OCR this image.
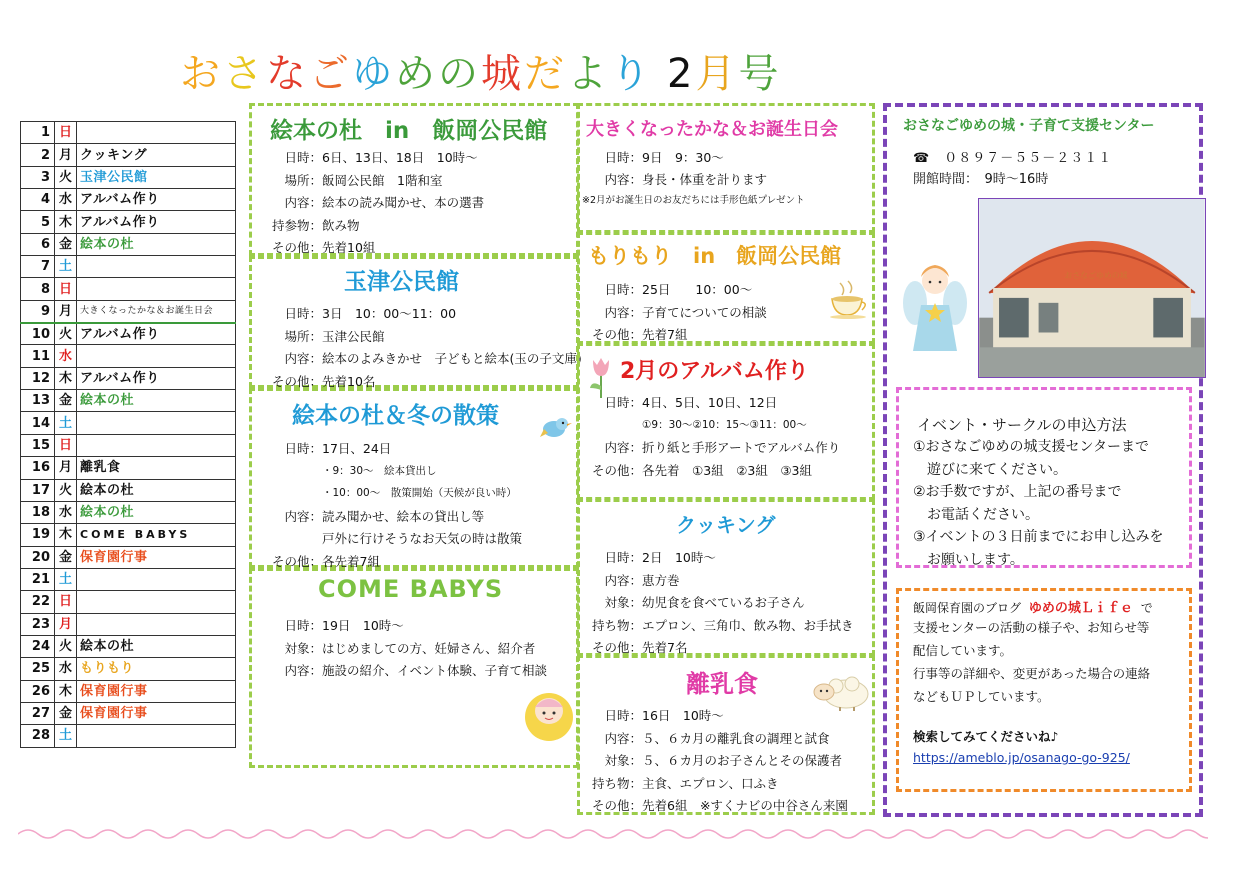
おさなごゆめの城だより 2月号
1	日	
2	月	クッキング
3	火	玉津公民館
4	水	アルバム作り
5	木	アルバム作り
6	金	絵本の杜
7	土	
8	日	
9	月	大きくなったかな＆お誕生日会
10	火	アルバム作り
11	水	
12	木	アルバム作り
13	金	絵本の杜
14	土	
15	日	
16	月	離乳食
17	火	絵本の杜
18	水	絵本の杜
19	木	COME BABYS
20	金	保育園行事
21	土	
22	日	
23	月	
24	火	絵本の杜
25	水	もりもり
26	木	保育園行事
27	金	保育園行事
28	土	
絵本の杜　in　飯岡公民館
日時：6日、13日、18日　10時～
場所：飯岡公民館　1階和室
内容：絵本の読み聞かせ、本の選書
持参物：飲み物
その他：先着10組
玉津公民館
日時：3日　10：00～11：00
場所：玉津公民館
内容：絵本のよみきかせ　子どもと絵本(玉の子文庫)
その他：先着10名
絵本の杜＆冬の散策
日時：17日、24日
・9：30～　絵本貸出し
・10：00～　散策開始（天候が良い時）
内容：読み聞かせ、絵本の貸出し等
戸外に行けそうなお天気の時は散策
その他：各先着7組
COME BABYS
日時：19日　10時～
対象：はじめましての方、妊婦さん、紹介者
内容：施設の紹介、イベント体験、子育て相談
大きくなったかな＆お誕生日会
日時：9日　9：30～
内容：身長・体重を計ります
※2月がお誕生日のお友だちには手形色紙プレゼント
もりもり　in　飯岡公民館
日時：25日　　10：00～
内容：子育てについての相談
その他：先着7組
2月のアルバム作り
日時：4日、5日、10日、12日
①9：30～②10：15～③11：00～
内容：折り紙と手形アートでアルバム作り
その他：各先着　①3組　②3組　③3組
クッキング
日時：2日　10時～
内容：恵方巻
対象：幼児食を食べているお子さん
持ち物：エプロン、三角巾、飲み物、お手拭き
その他：先着7名
離乳食
日時：16日　10時～
内容：５、６カ月の離乳食の調理と試食
対象：５、６カ月のお子さんとその保護者
持ち物：主食、エプロン、口ふき
その他：先着6組　※すくナビの中谷さん来園
おさなごゆめの城・子育て支援センター
☎　０８９７－５５－２３１１
開館時間：　9時～16時
おさなごゆめの城
イベント・サークルの申込方法
①おさなごゆめの城支援センターまで
　遊びに来てください。
②お手数ですが、上記の番号まで
　お電話ください。
③イベントの３日前までにお申し込みを
　お願いします。
飯岡保育園のブログ ゆめの城Ｌｉｆｅ で
支援センターの活動の様子や、お知らせ等
配信しています。
行事等の詳細や、変更があった場合の連絡
などもＵＰしています。
検索してみてくださいね♪
https://ameblo.jp/osanago-go-925/
